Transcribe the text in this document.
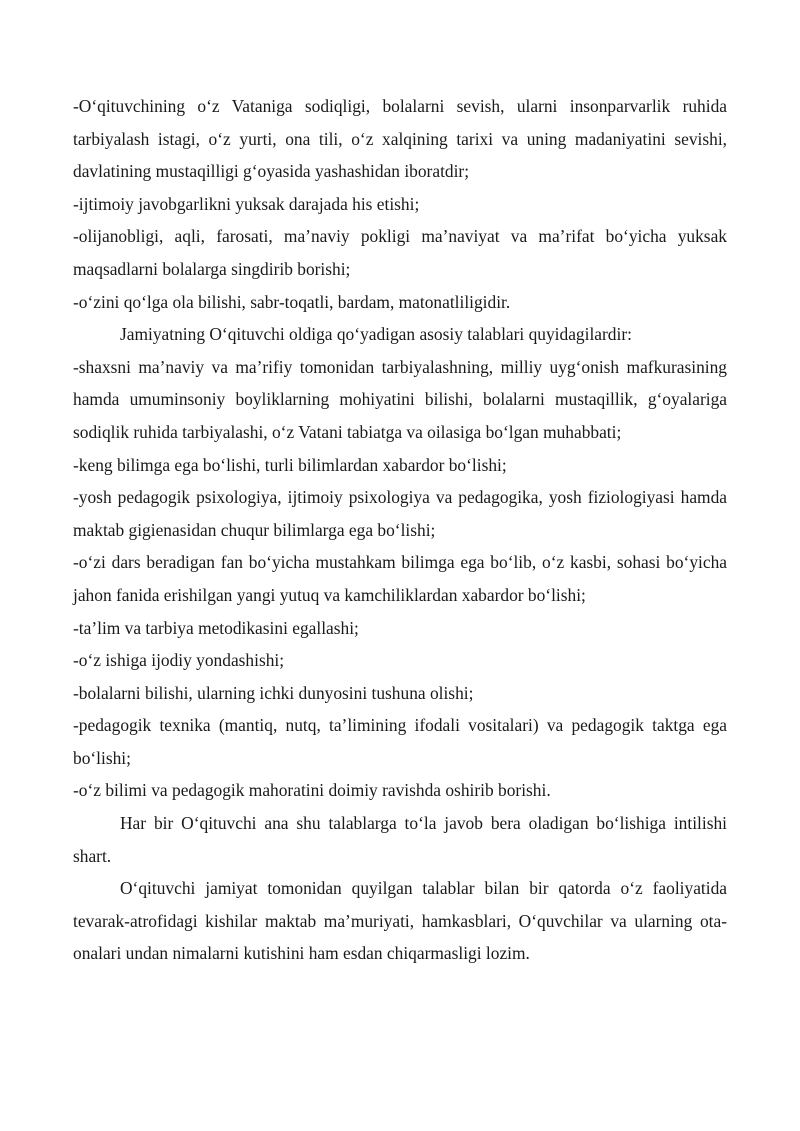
-O‘qituvchining o‘z Vataniga sodiqligi, bolalarni sevish, ularni insonparvarlik ruhida tarbiyalash istagi, o‘z yurti, ona tili, o‘z xalqining tarixi va uning madaniyatini sevishi, davlatining mustaqilligi g‘oyasida yashashidan iboratdir;

-ijtimoiy javobgarlikni yuksak darajada his etishi;

-olijanobligi, aqli, farosati, ma’naviy pokligi ma’naviyat va ma’rifat bo‘yicha yuksak maqsadlarni bolalarga singdirib borishi;

-o‘zini qo‘lga ola bilishi, sabr-toqatli, bardam, matonatliligidir.

Jamiyatning O‘qituvchi oldiga qo‘yadigan asosiy talablari quyidagilardir:

-shaxsni ma’naviy va ma’rifiy tomonidan tarbiyalashning, milliy uyg‘onish mafkurasining hamda umuminsoniy boyliklarning mohiyatini bilishi, bolalarni mustaqillik, g‘oyalariga sodiqlik ruhida tarbiyalashi, o‘z Vatani tabiatga va oilasiga bo‘lgan muhabbati;

-keng bilimga ega bo‘lishi, turli bilimlardan xabardor bo‘lishi;

-yosh pedagogik psixologiya, ijtimoiy psixologiya va pedagogika, yosh fiziologiyasi hamda maktab gigienasidan chuqur bilimlarga ega bo‘lishi;

-o‘zi dars beradigan fan bo‘yicha mustahkam bilimga ega bo‘lib, o‘z kasbi, sohasi bo‘yicha jahon fanida erishilgan yangi yutuq va kamchiliklardan xabardor bo‘lishi;

-ta’lim va tarbiya metodikasini egallashi;

-o‘z ishiga ijodiy yondashishi;

-bolalarni bilishi, ularning ichki dunyosini tushuna olishi;

-pedagogik texnika (mantiq, nutq, ta’limining ifodali vositalari) va pedagogik taktga ega bo‘lishi;

-o‘z bilimi va pedagogik mahoratini doimiy ravishda oshirib borishi.

Har bir O‘qituvchi ana shu talablarga to‘la javob bera oladigan bo‘lishiga intilishi shart.

O‘qituvchi jamiyat tomonidan quyilgan talablar bilan bir qatorda o‘z faoliyatida tevarak-atrofidagi kishilar maktab ma’muriyati, hamkasblari, O‘quvchilar va ularning ota-onalari undan nimalarni kutishini ham esdan chiqarmasligi lozim.
